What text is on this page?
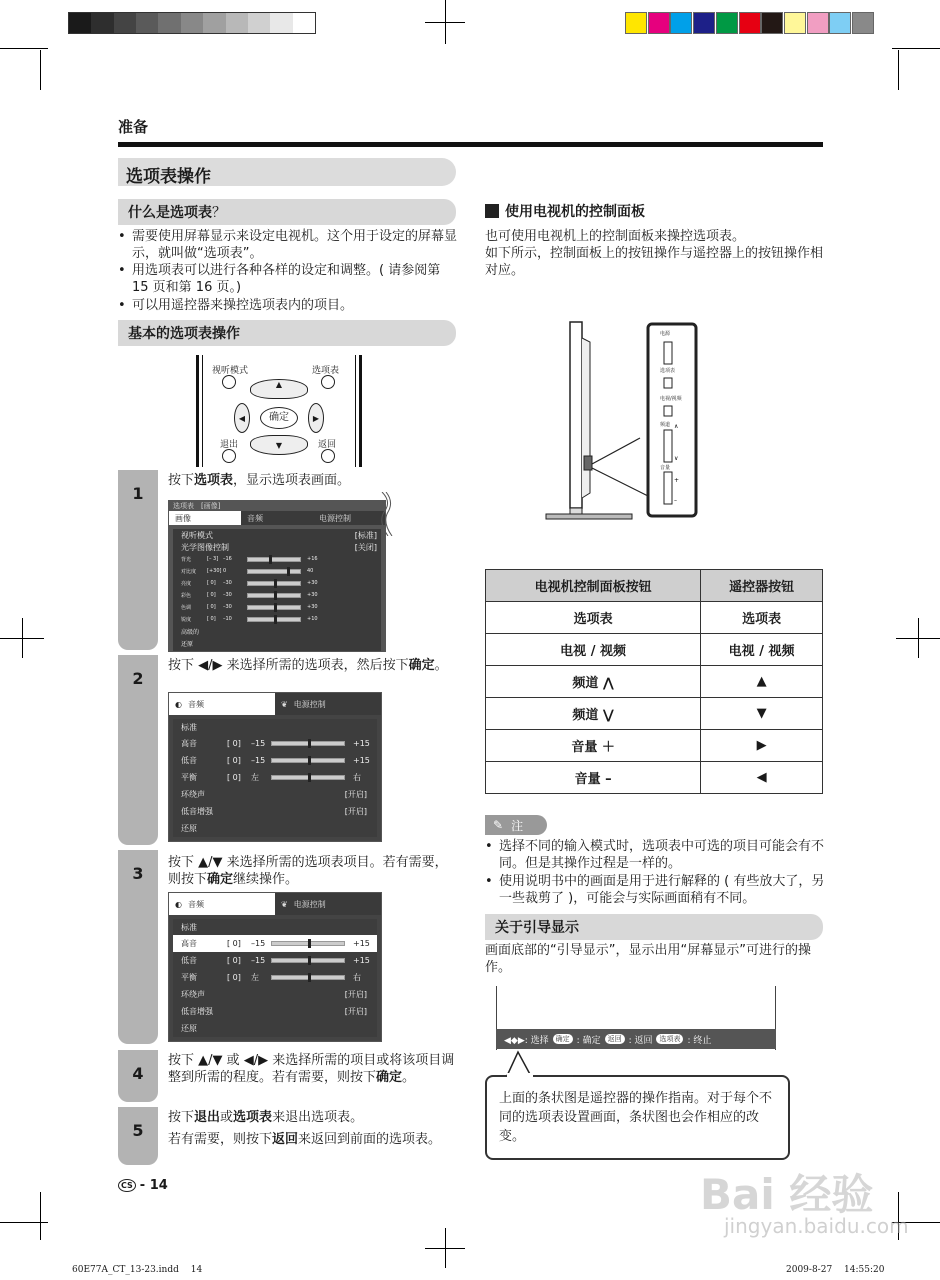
准备
选项表操作
什么是选项表？
• 需要使用屏幕显示来设定电视机。这个用于设定的屏幕显示，就叫做“选项表”。
• 用选项表可以进行各种各样的设定和调整。( 请参阅第 15 页和第 16 页。)
• 可以用遥控器来操控选项表内的项目。
基本的选项表操作
视听模式	选项表
▲
▼
◀	▶
确定
退出	返回
1
2
3
4
5
按下选项表，显示选项表画面。
按下 ◀/▶ 来选择所需的选项表，然后按下确定。
按下 ▲/▼ 来选择所需的选项表项目。若有需要，则按下确定继续操作。
按下 ▲/▼ 或 ◀/▶ 来选择所需的项目或将该项目调整到所需的程度。若有需要，则按下确定。
按下退出或选项表来退出选项表。
若有需要，则按下返回来返回到前面的选项表。
选项表　[画像]
画像	音频	电源控制
视听模式	[标准]
光学图像控制	[关闭]
背光	[– 3] –16	+16
对比度	[+30] 0	40
亮度	[ 0]	–30	+30
彩色	[ 0]	–30	+30
色调	[ 0]	–30	+30
锐度	[ 0]	–10	+10
高级的
还原
◐ 音频	❦ 电源控制
标准
高音	[ 0]	–15	+15
低音	[ 0]	–15	+15
平衡	[ 0]	左	右
环绕声	[开启]
低音增强	[开启]
还原
◐ 音频	❦ 电源控制
标准
高音	[ 0]	–15	+15
低音	[ 0]	–15	+15
平衡	[ 0]	左	右
环绕声	[开启]
低音增强	[开启]
还原
CS - 14
使用电视机的控制面板
也可使用电视机上的控制面板来操控选项表。
如下所示，控制面板上的按钮操作与遥控器上的按钮操作相对应。
∧
∨
+
–
电源
选项表
电视/视频
频道
音量
电视机控制面板按钮	遥控器按钮
选项表	选项表
电视 / 视频	电视 / 视频
频道 ⋀	▲
频道 ⋁	▼
音量 ＋	▶
音量 –	◀
✎ 注
• 选择不同的输入模式时，选项表中可选的项目可能会有不同。但是其操作过程是一样的。
• 使用说明书中的画面是用于进行解释的 ( 有些放大了，另一些裁剪了 )，可能会与实际画面稍有不同。
关于引导显示
画面底部的“引导显示”，显示出用“屏幕显示”可进行的操作。
◀◆▶: 选择	确定 : 确定	返回 : 返回	选项表 : 终止
上面的条状图是遥控器的操作指南。对于每个不同的选项表设置画面，条状图也会作相应的改变。
Bai 经验
jingyan.baidu.com
60E77A_CT_13-23.indd　 14	2009-8-27　 14:55:20
